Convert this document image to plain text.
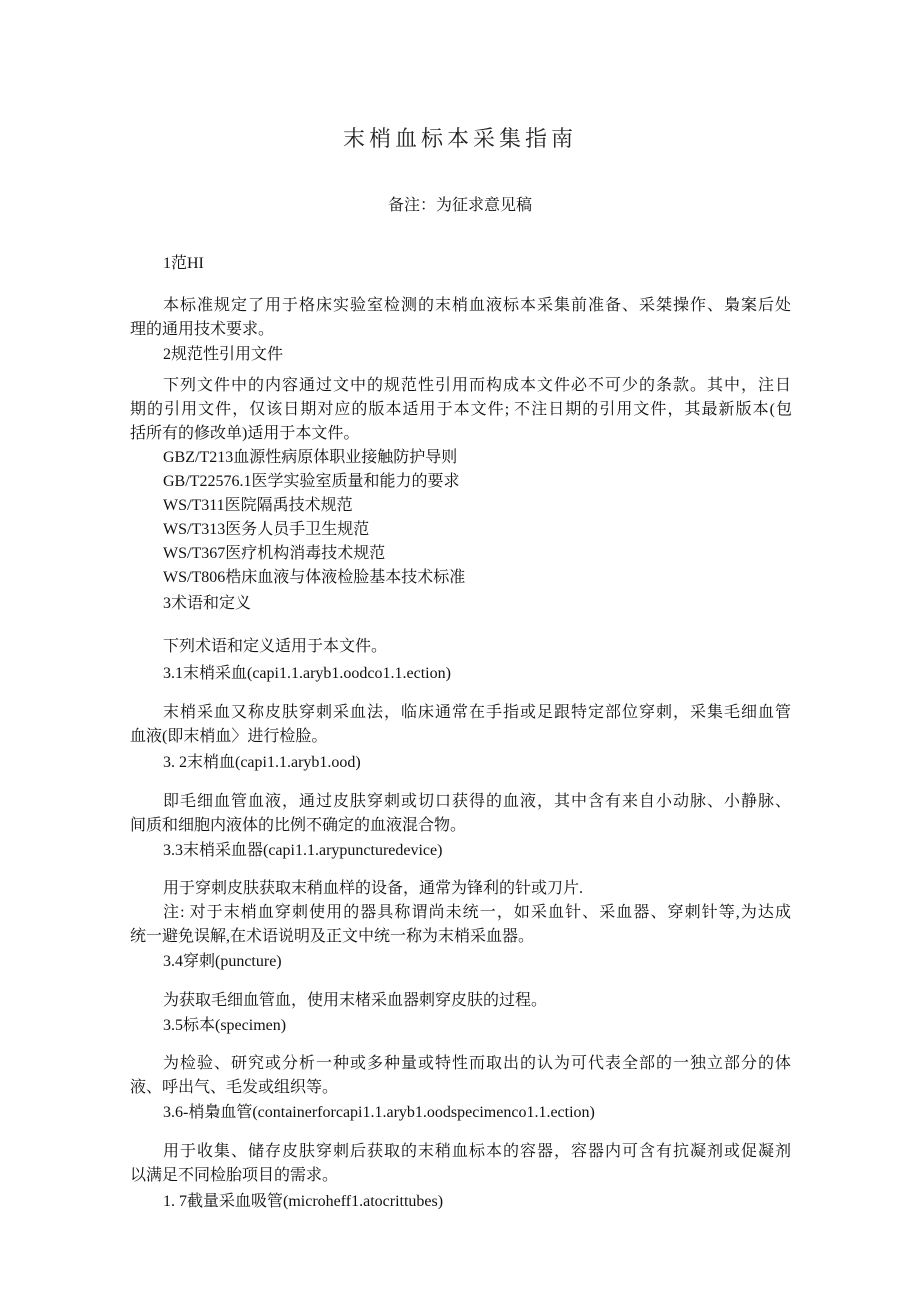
末梢血标本采集指南
备注：为征求意见稿
1范HI
本标准规定了用于格床实验室检测的末梢血液标本采集前准备、采桀操作、梟案后处
理的通用技术要求。
2规范性引用文件
下列文件中的内容通过文中的规范性引用而构成本文件必不可少的条款。其中，注日
期的引用文件，仅该日期对应的版本适用于本文件; 不注日期的引用文件，其最新版本(包
括所有的修改单)适用于本文件。
GBZ/T213血源性病原体职业接触防护导则
GB/T22576.1医学实验室质量和能力的要求
WS/T311医院隔禹技术规范
WS/T313医务人员手卫生规范
WS/T367医疗机构消毒技术规范
WS/T806梏床血液与体液检脸基本技术标准
3术语和定义
下列术语和定义适用于本文件。
3.1末梢采血(capi1.1.aryb1.oodco1.1.ection)
末梢采血又称皮肤穿刺采血法，临床通常在手指或足跟特定部位穿刺，采集毛细血管
血液(即末梢血〉进行检脸。
3. 2末梢血(capi1.1.aryb1.ood)
即毛细血管血液，通过皮肤穿刺或切口获得的血液，其中含有来自小动脉、小静脉、
间质和细胞内液体的比例不确定的血液混合物。
3.3末梢采血器(capi1.1.arypuncturedevice)
用于穿刺皮肤获取末稍血样的设备，通常为锋利的针或刀片.
注: 对于末梢血穿刺使用的器具称谓尚未统一，如采血针、采血器、穿刺针等,为达成
统一避免误解,在术语说明及正文中统一称为末梢采血器。
3.4穿刺(puncture)
为获取毛细血管血，使用末楮采血器刺穿皮肤的过程。
3.5标本(specimen)
为检验、研究或分析一种或多种量或特性而取出的认为可代表全部的一独立部分的体
液、呼出气、毛发或组织等。
3.6-梢梟血管(containerforcapi1.1.aryb1.oodspecimenco1.1.ection)
用于收集、储存皮肤穿刺后获取的末稍血标本的容器，容器内可含有抗凝剂或促凝剂
以满足不同检胎项目的需求。
1. 7截量采血吸管(microheff1.atocrittubes)
